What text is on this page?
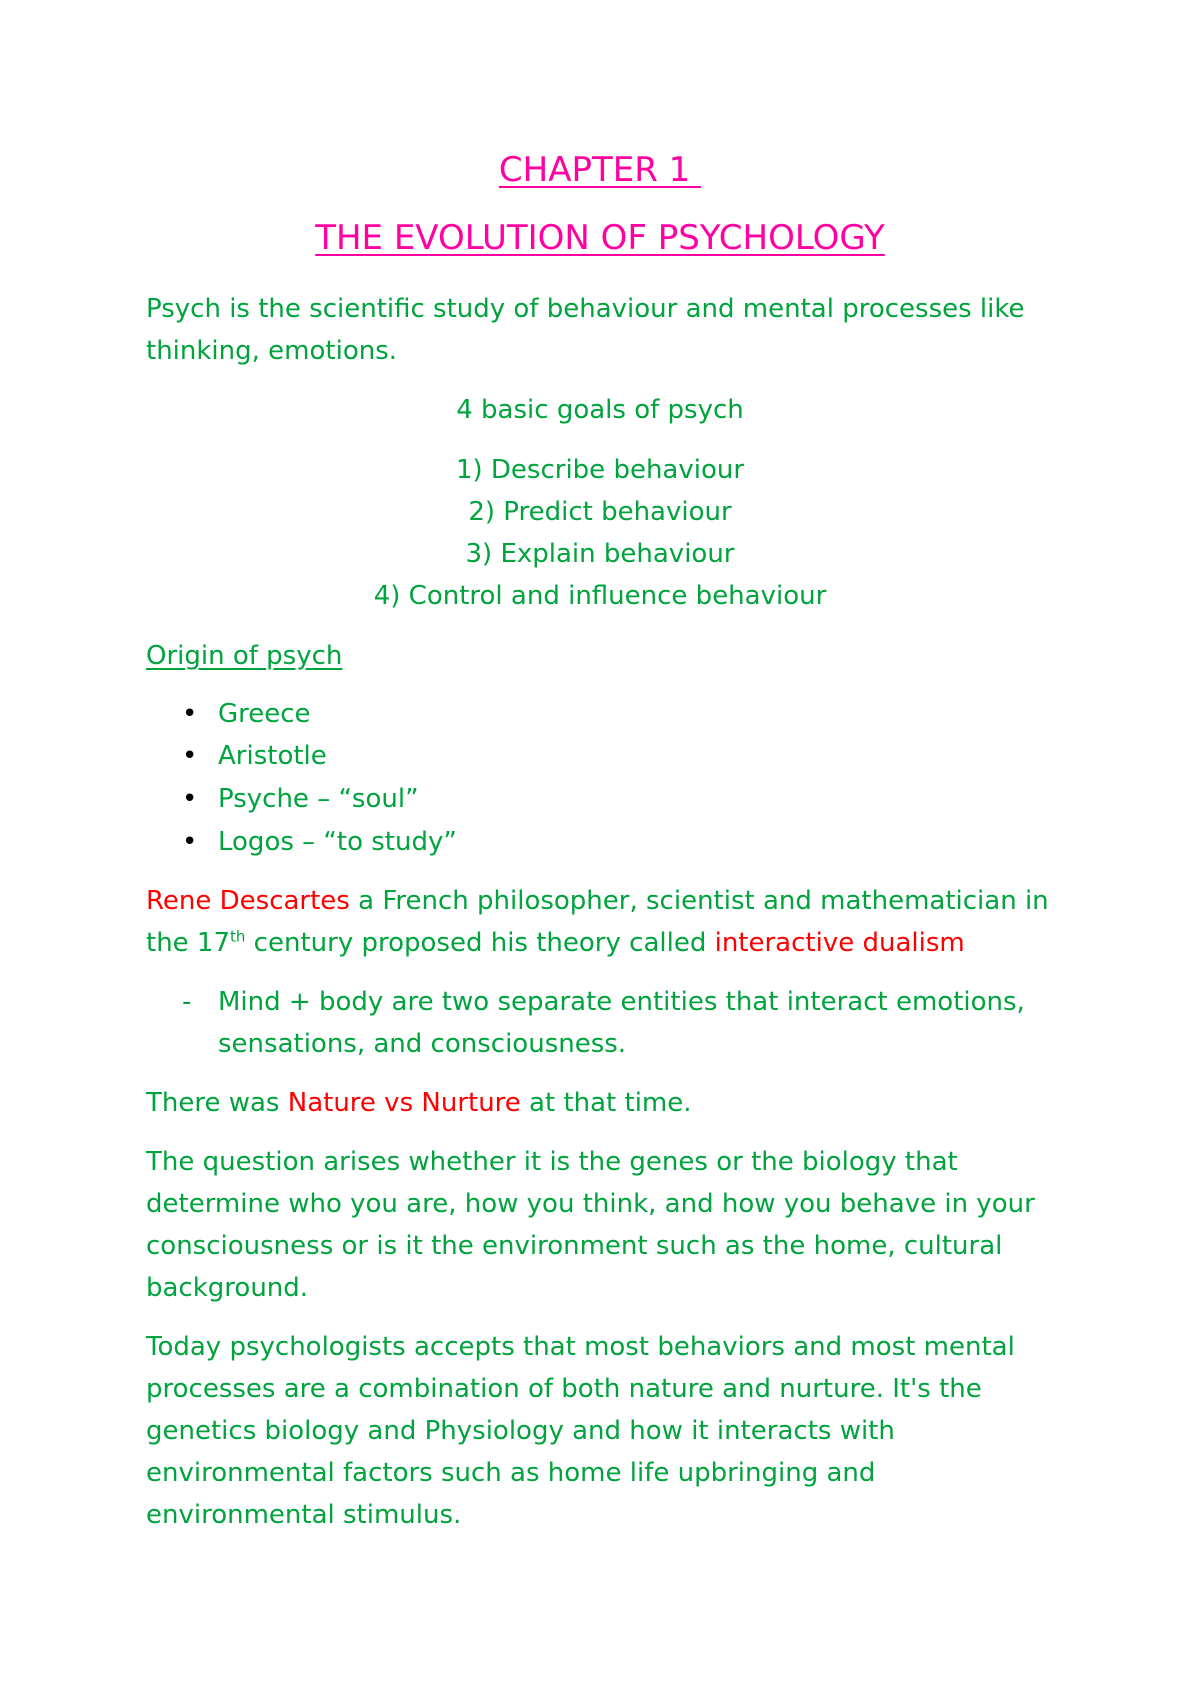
CHAPTER 1
THE EVOLUTION OF PSYCHOLOGY
Psych is the scientific study of behaviour and mental processes like
thinking, emotions.
4 basic goals of psych
1) Describe behaviour
2) Predict behaviour
3) Explain behaviour
4) Control and influence behaviour
Origin of psych
• Greece
• Aristotle
• Psyche – “soul”
• Logos – “to study”
Rene Descartes a French philosopher, scientist and mathematician in
the 17th century proposed his theory called interactive dualism
- Mind + body are two separate entities that interact emotions,
sensations, and consciousness.
There was Nature vs Nurture at that time.
The question arises whether it is the genes or the biology that
determine who you are, how you think, and how you behave in your
consciousness or is it the environment such as the home, cultural
background.
Today psychologists accepts that most behaviors and most mental
processes are a combination of both nature and nurture. It's the
genetics biology and Physiology and how it interacts with
environmental factors such as home life upbringing and
environmental stimulus.
